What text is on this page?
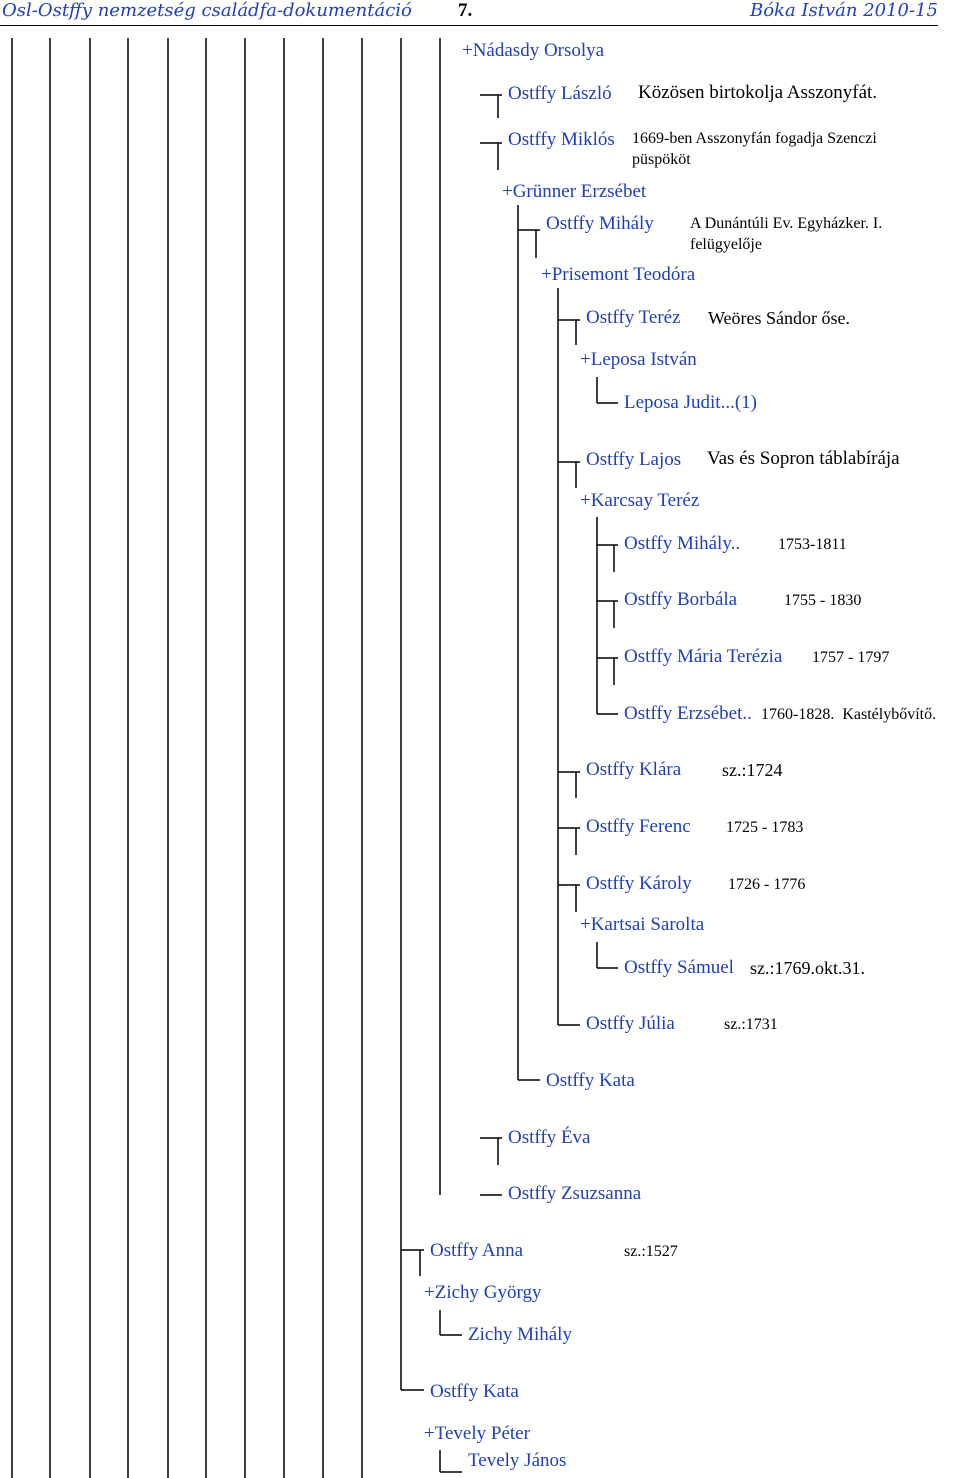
Osl-Ostffy nemzetség családfa-dokumentáció 7.	Bóka István 2010-15
+Nádasdy Orsolya
Ostffy László Közösen birtokolja Asszonyfát.
Ostffy Miklós 1669-ben Asszonyfán fogadja Szenczi
püspököt
+Grünner Erzsébet
Ostffy Mihály A Dunántúli Ev. Egyházker. I.
felügyelője
+Prisemont Teodóra
Ostffy Teréz Weöres Sándor őse.
+Leposa István
Leposa Judit...(1)
Ostffy Lajos Vas és Sopron táblabírája
+Karcsay Teréz
Ostffy Mihály.. 1753-1811
Ostffy Borbála	1755 - 1830
Ostffy Mária Terézia 1757 - 1797
Ostffy Erzsébet.. 1760-1828.  Kastélybővítő.
Ostffy Klára sz.:1724
Ostffy Ferenc 1725 - 1783
Ostffy Károly 1726 - 1776
+Kartsai Sarolta
Ostffy Sámuel sz.:1769.okt.31.
Ostffy Júlia	sz.:1731
Ostffy Kata
Ostffy Éva
Ostffy Zsuzsanna
Ostffy Anna	sz.:1527
+Zichy György
Zichy Mihály
Ostffy Kata
+Tevely Péter
Tevely János
